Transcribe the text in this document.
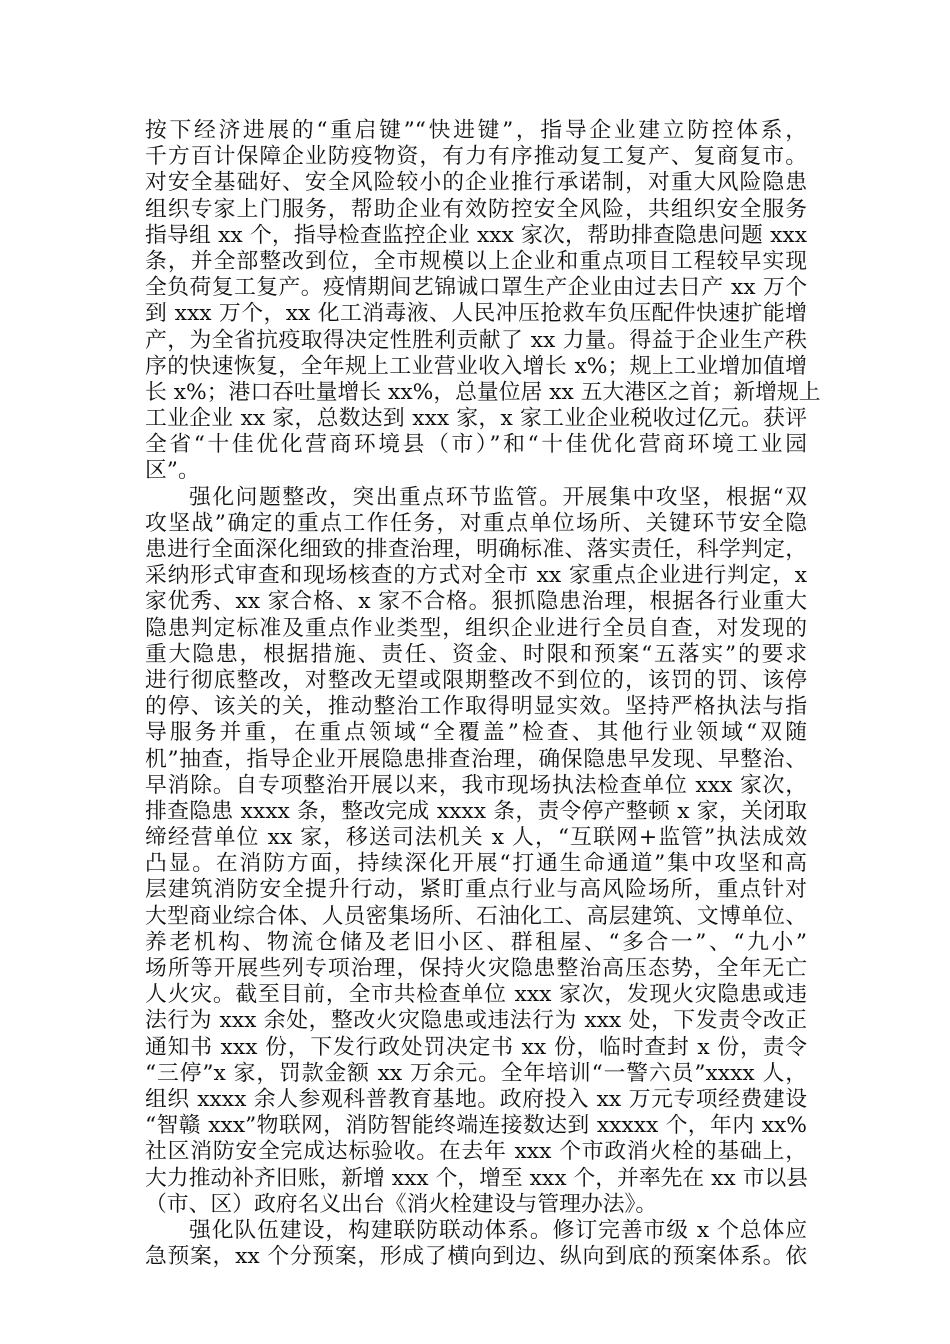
按下经济进展的“重启键”“快进键”，指导企业建立防控体系，
千方百计保障企业防疫物资，有力有序推动复工复产、复商复市。
对安全基础好、安全风险较小的企业推行承诺制，对重大风险隐患
组织专家上门服务，帮助企业有效防控安全风险，共组织安全服务
指导组 xx 个，指导检查监控企业 xxx 家次，帮助排查隐患问题 xxx
条，并全部整改到位，全市规模以上企业和重点项目工程较早实现
全负荷复工复产。疫情期间艺锦诚口罩生产企业由过去日产 xx 万个
到 xxx 万个，xx 化工消毒液、人民冲压抢救车负压配件快速扩能增
产，为全省抗疫取得决定性胜利贡献了 xx 力量。得益于企业生产秩
序的快速恢复，全年规上工业营业收入增长 x%；规上工业增加值增
长 x%；港口吞吐量增长 xx%，总量位居 xx 五大港区之首；新增规上
工业企业 xx 家，总数达到 xxx 家，x 家工业企业税收过亿元。获评
全省“十佳优化营商环境县（市）”和“十佳优化营商环境工业园
区”。
强化问题整改，突出重点环节监管。开展集中攻坚，根据“双
攻坚战”确定的重点工作任务，对重点单位场所、关键环节安全隐
患进行全面深化细致的排查治理，明确标准、落实责任，科学判定，
采纳形式审查和现场核查的方式对全市 xx 家重点企业进行判定，x
家优秀、xx 家合格、x 家不合格。狠抓隐患治理，根据各行业重大
隐患判定标准及重点作业类型，组织企业进行全员自查，对发现的
重大隐患，根据措施、责任、资金、时限和预案“五落实”的要求
进行彻底整改，对整改无望或限期整改不到位的，该罚的罚、该停
的停、该关的关，推动整治工作取得明显实效。坚持严格执法与指
导服务并重，在重点领域“全覆盖”检查、其他行业领域“双随
机”抽查，指导企业开展隐患排查治理，确保隐患早发现、早整治、
早消除。自专项整治开展以来，我市现场执法检查单位 xxx 家次，
排查隐患 xxxx 条，整改完成 xxxx 条，责令停产整顿 x 家，关闭取
缔经营单位 xx 家，移送司法机关 x 人，“互联网+监管”执法成效
凸显。在消防方面，持续深化开展“打通生命通道”集中攻坚和高
层建筑消防安全提升行动，紧盯重点行业与高风险场所，重点针对
大型商业综合体、人员密集场所、石油化工、高层建筑、文博单位、
养老机构、物流仓储及老旧小区、群租屋、“多合一”、“九小”
场所等开展些列专项治理，保持火灾隐患整治高压态势，全年无亡
人火灾。截至目前，全市共检查单位 xxx 家次，发现火灾隐患或违
法行为 xxx 余处，整改火灾隐患或违法行为 xxx 处，下发责令改正
通知书 xxx 份，下发行政处罚决定书 xx 份，临时查封 x 份，责令
“三停”x 家，罚款金额 xx 万余元。全年培训“一警六员”xxxx 人，
组织 xxxx 余人参观科普教育基地。政府投入 xx 万元专项经费建设
“智赣 xxx”物联网，消防智能终端连接数达到 xxxxx 个，年内 xx%
社区消防安全完成达标验收。在去年 xxx 个市政消火栓的基础上，
大力推动补齐旧账，新增 xxx 个，增至 xxx 个，并率先在 xx 市以县
（市、区）政府名义出台《消火栓建设与管理办法》。
强化队伍建设，构建联防联动体系。修订完善市级 x 个总体应
急预案，xx 个分预案，形成了横向到边、纵向到底的预案体系。依
